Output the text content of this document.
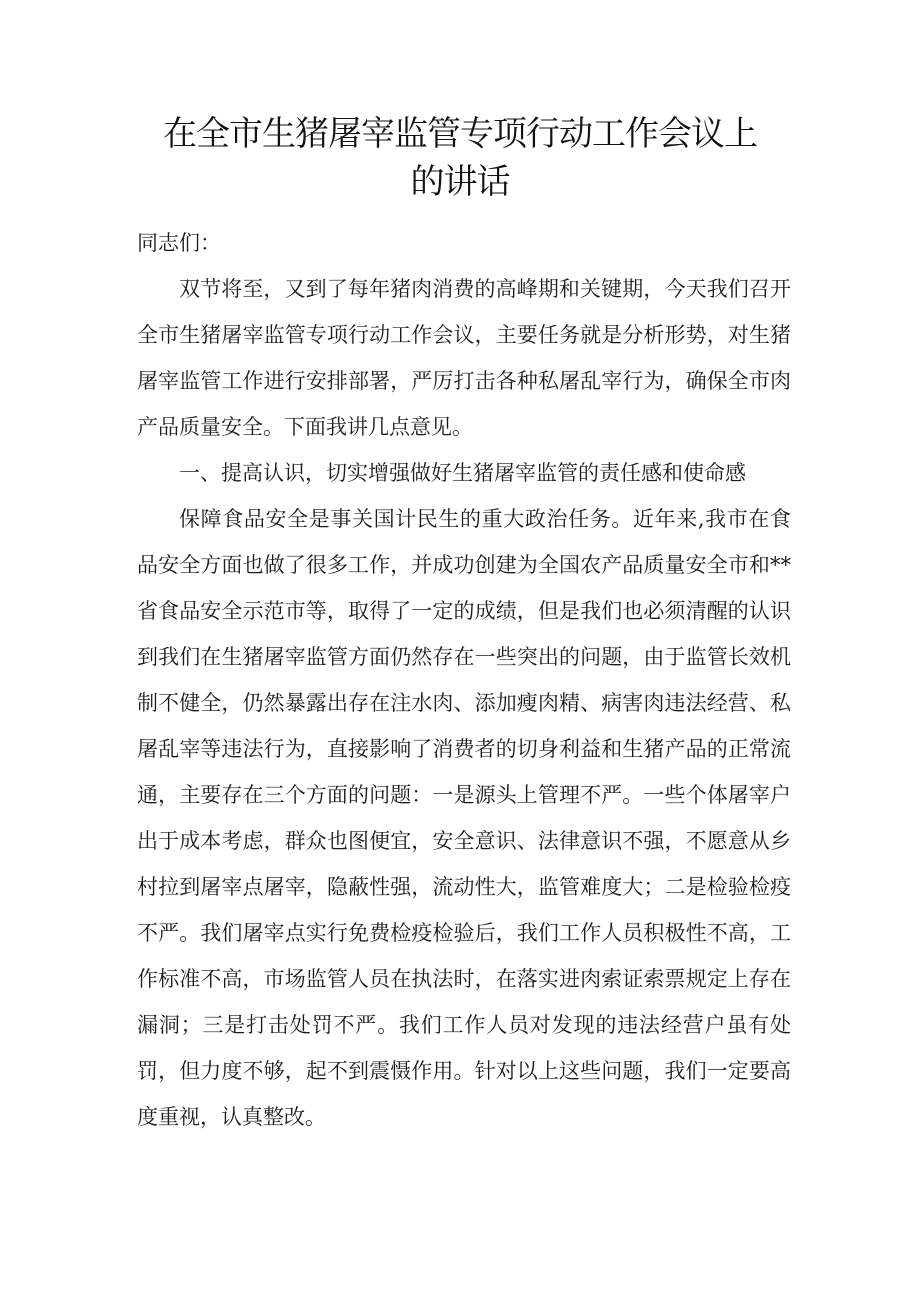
在全市生猪屠宰监管专项行动工作会议上
的讲话

同志们：

双节将至，又到了每年猪肉消费的高峰期和关键期，今天我们召开全市生猪屠宰监管专项行动工作会议，主要任务就是分析形势，对生猪屠宰监管工作进行安排部署，严厉打击各种私屠乱宰行为，确保全市肉产品质量安全。下面我讲几点意见。

一、提高认识，切实增强做好生猪屠宰监管的责任感和使命感

保障食品安全是事关国计民生的重大政治任务。近年来,我市在食品安全方面也做了很多工作，并成功创建为全国农产品质量安全市和**省食品安全示范市等，取得了一定的成绩，但是我们也必须清醒的认识到我们在生猪屠宰监管方面仍然存在一些突出的问题，由于监管长效机制不健全，仍然暴露出存在注水肉、添加瘦肉精、病害肉违法经营、私屠乱宰等违法行为，直接影响了消费者的切身利益和生猪产品的正常流通，主要存在三个方面的问题：一是源头上管理不严。一些个体屠宰户出于成本考虑，群众也图便宜，安全意识、法律意识不强，不愿意从乡村拉到屠宰点屠宰，隐蔽性强，流动性大，监管难度大；二是检验检疫不严。我们屠宰点实行免费检疫检验后，我们工作人员积极性不高，工作标准不高，市场监管人员在执法时，在落实进肉索证索票规定上存在漏洞；三是打击处罚不严。我们工作人员对发现的违法经营户虽有处罚，但力度不够，起不到震慑作用。针对以上这些问题，我们一定要高度重视，认真整改。
